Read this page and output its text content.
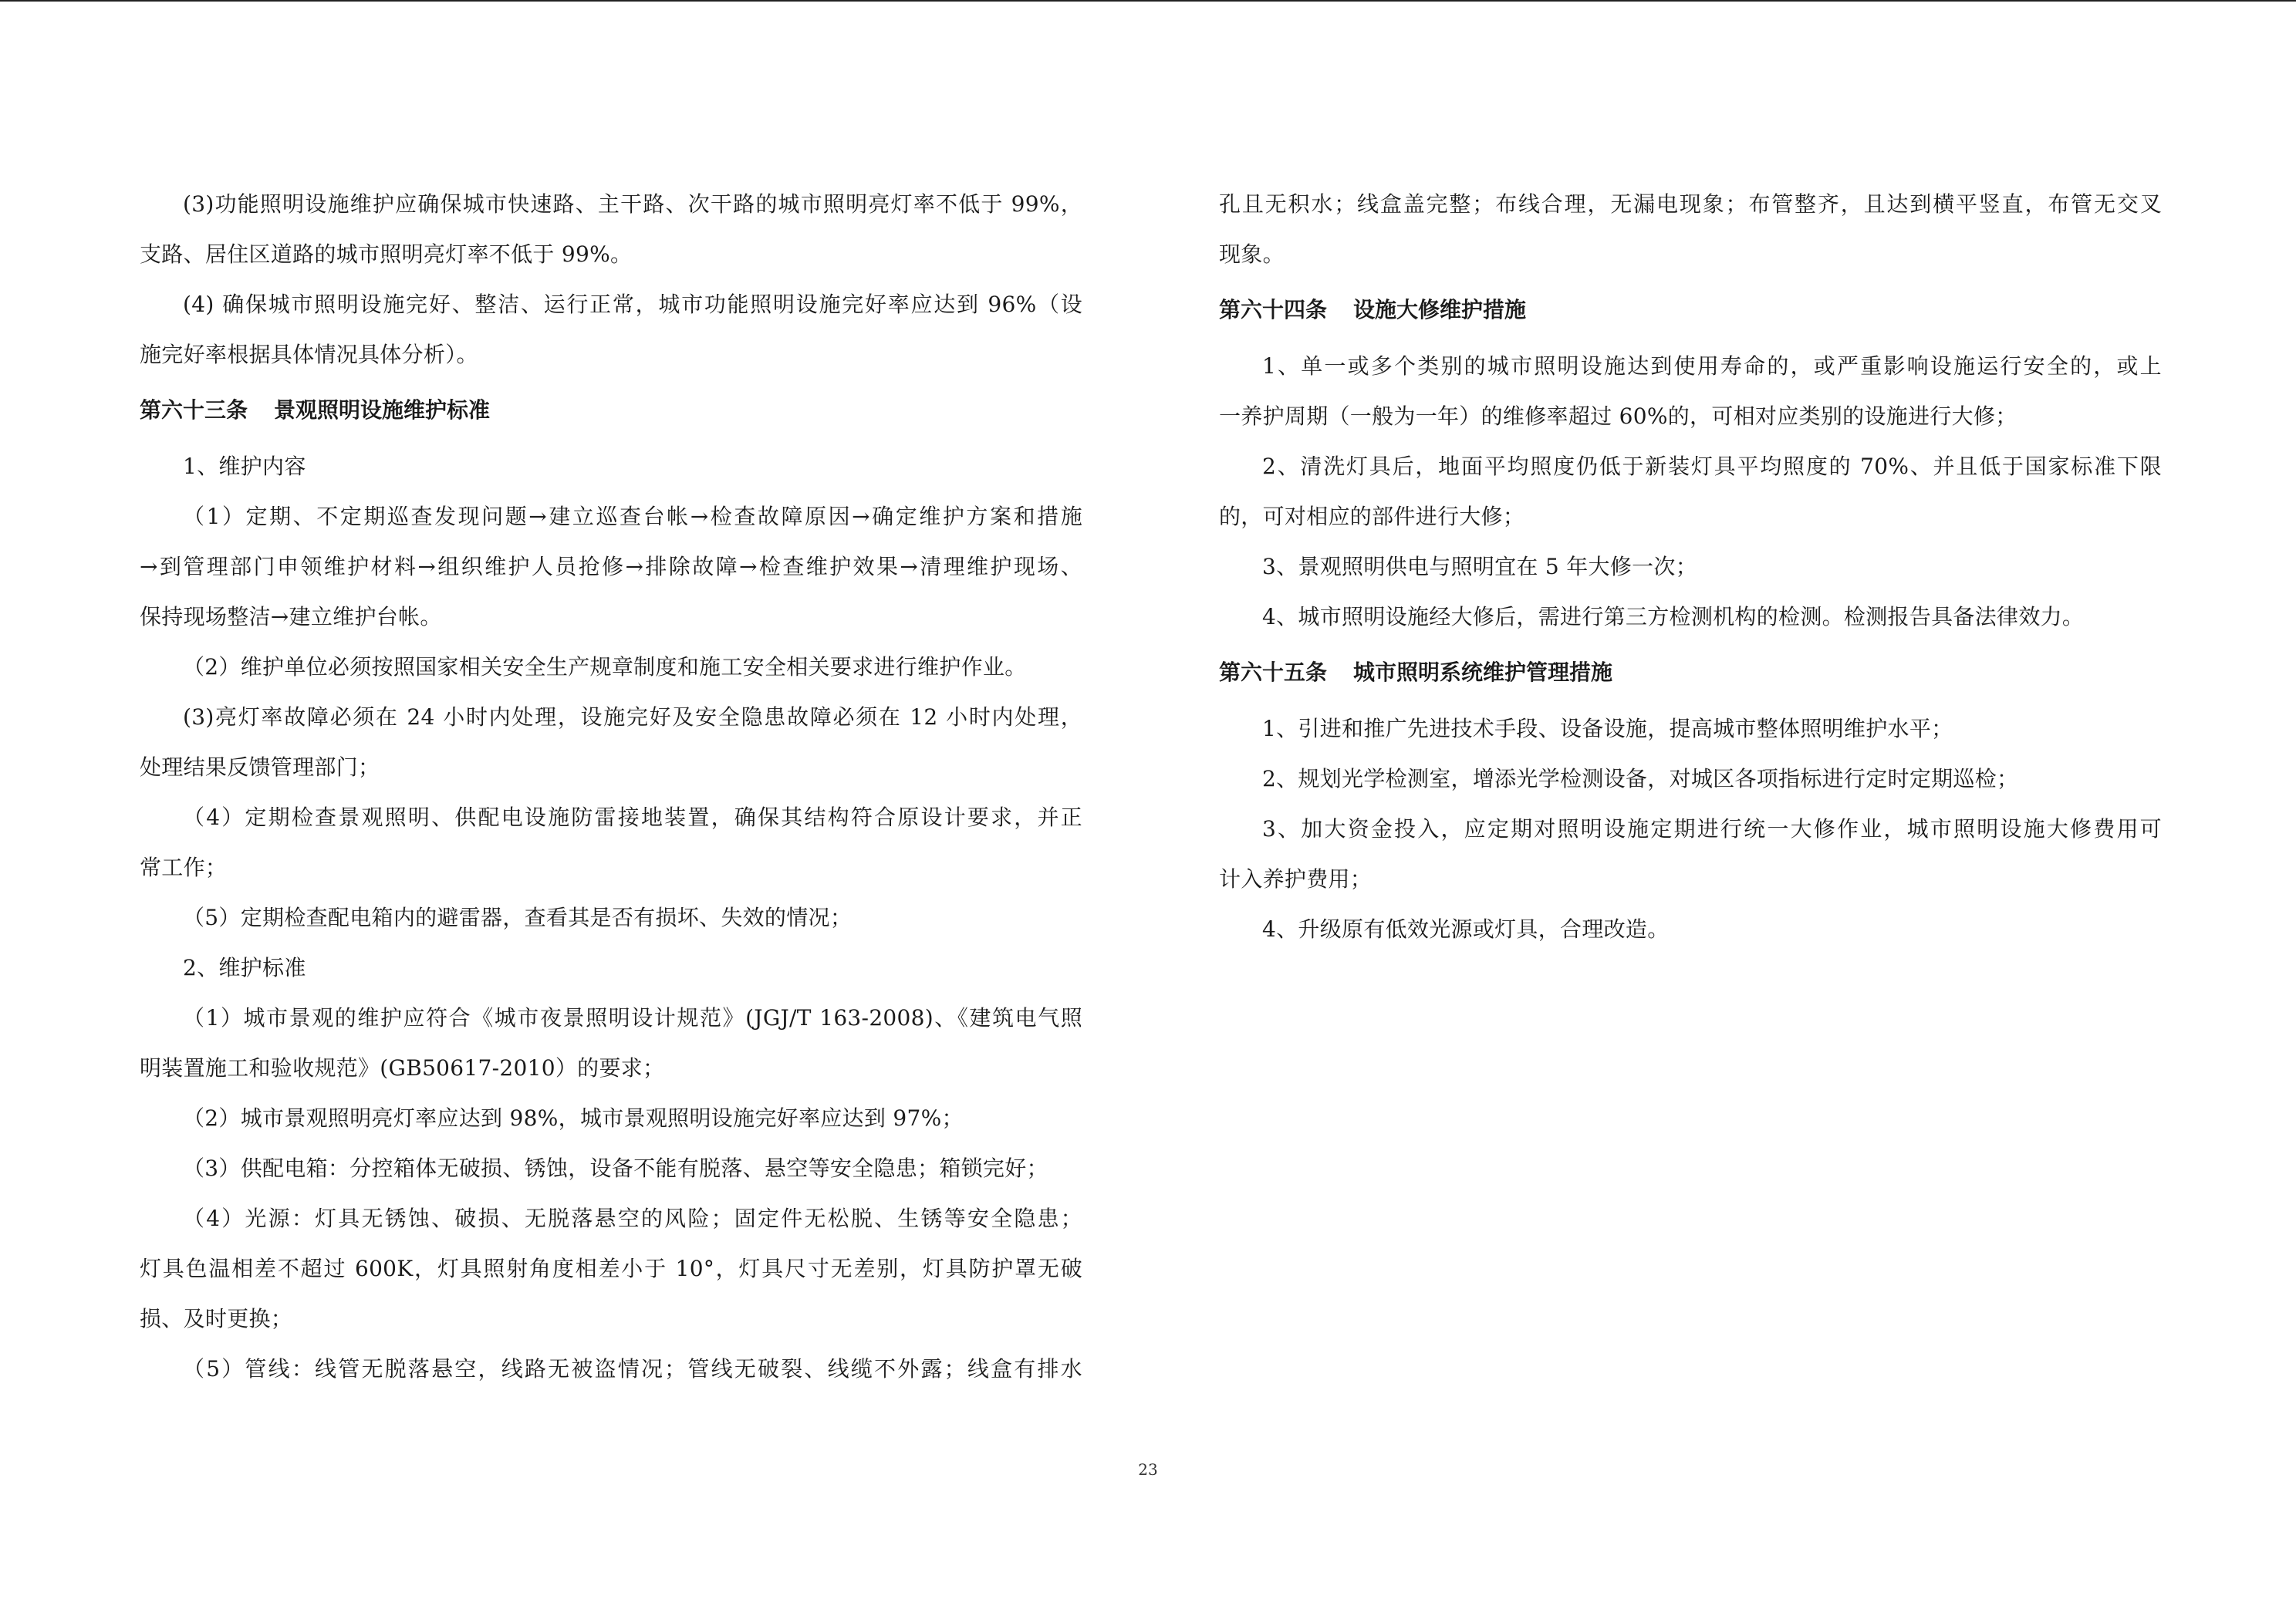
(3)功能照明设施维护应确保城市快速路、主干路、次干路的城市照明亮灯率不低于 99%，
支路、居住区道路的城市照明亮灯率不低于 99%。
(4) 确保城市照明设施完好、整洁、运行正常，城市功能照明设施完好率应达到 96%（设
施完好率根据具体情况具体分析）。
第六十三条 景观照明设施维护标准
1、维护内容
（1）定期、不定期巡查发现问题→建立巡查台帐→检查故障原因→确定维护方案和措施
→到管理部门申领维护材料→组织维护人员抢修→排除故障→检查维护效果→清理维护现场、
保持现场整洁→建立维护台帐。
（2）维护单位必须按照国家相关安全生产规章制度和施工安全相关要求进行维护作业。
(3)亮灯率故障必须在 24 小时内处理，设施完好及安全隐患故障必须在 12 小时内处理，
处理结果反馈管理部门；
（4）定期检查景观照明、供配电设施防雷接地装置，确保其结构符合原设计要求，并正
常工作；
（5）定期检查配电箱内的避雷器，查看其是否有损坏、失效的情况；
2、维护标准
（1）城市景观的维护应符合《城市夜景照明设计规范》(JGJ/T 163-2008)、《建筑电气照
明装置施工和验收规范》(GB50617-2010）的要求；
（2）城市景观照明亮灯率应达到 98%，城市景观照明设施完好率应达到 97%；
（3）供配电箱：分控箱体无破损、锈蚀，设备不能有脱落、悬空等安全隐患；箱锁完好；
（4）光源：灯具无锈蚀、破损、无脱落悬空的风险；固定件无松脱、生锈等安全隐患；
灯具色温相差不超过 600K，灯具照射角度相差小于 10°，灯具尺寸无差别，灯具防护罩无破
损、及时更换；
（5）管线：线管无脱落悬空，线路无被盗情况；管线无破裂、线缆不外露；线盒有排水
孔且无积水；线盒盖完整；布线合理，无漏电现象；布管整齐，且达到横平竖直，布管无交叉
现象。
第六十四条 设施大修维护措施
1、单一或多个类别的城市照明设施达到使用寿命的，或严重影响设施运行安全的，或上
一养护周期（一般为一年）的维修率超过 60%的，可相对应类别的设施进行大修；
2、清洗灯具后，地面平均照度仍低于新装灯具平均照度的 70%、并且低于国家标准下限
的，可对相应的部件进行大修；
3、景观照明供电与照明宜在 5 年大修一次；
4、城市照明设施经大修后，需进行第三方检测机构的检测。检测报告具备法律效力。
第六十五条 城市照明系统维护管理措施
1、引进和推广先进技术手段、设备设施，提高城市整体照明维护水平；
2、规划光学检测室，增添光学检测设备，对城区各项指标进行定时定期巡检；
3、加大资金投入，应定期对照明设施定期进行统一大修作业，城市照明设施大修费用可
计入养护费用；
4、升级原有低效光源或灯具，合理改造。
23
